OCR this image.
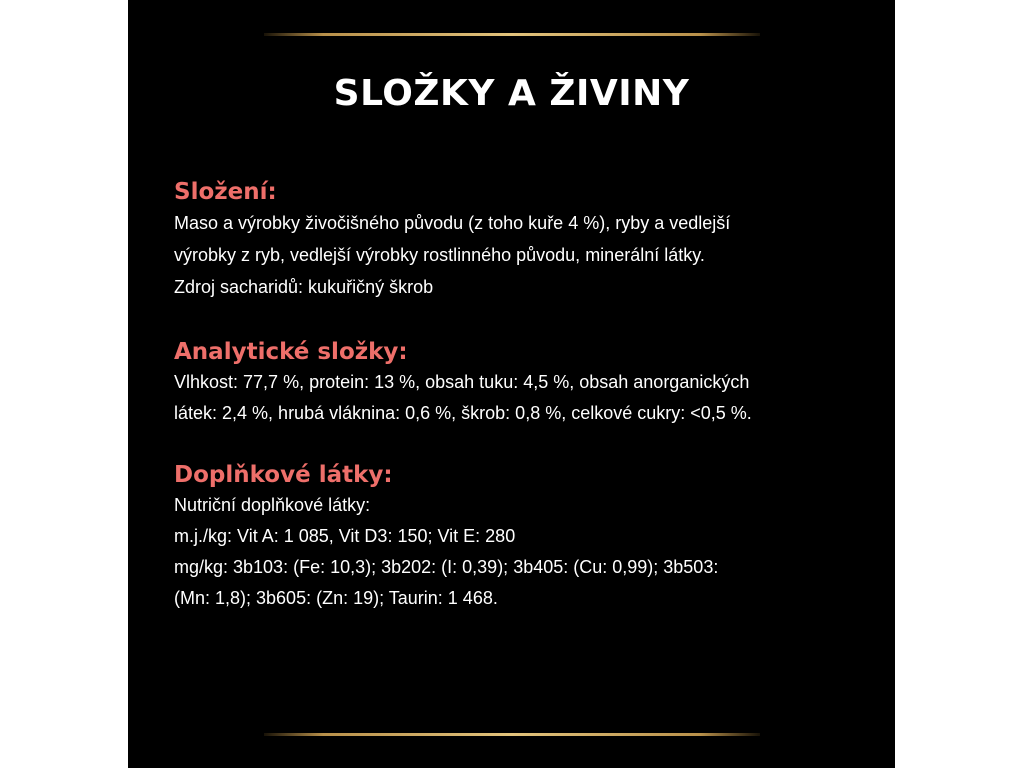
SLOŽKY A ŽIVINY

Složení:

Maso a výrobky živočišného původu (z toho kuře 4 %), ryby a vedlejší

výrobky z ryb, vedlejší výrobky rostlinného původu, minerální látky.

Zdroj sacharidů: kukuřičný škrob

Analytické složky:

Vlhkost: 77,7 %, protein: 13 %, obsah tuku: 4,5 %, obsah anorganických

látek: 2,4 %, hrubá vláknina: 0,6 %, škrob: 0,8 %, celkové cukry: <0,5 %.

Doplňkové látky:

Nutriční doplňkové látky:

m.j./kg: Vit A: 1 085, Vit D3: 150; Vit E: 280

mg/kg: 3b103: (Fe: 10,3); 3b202: (I: 0,39); 3b405: (Cu: 0,99); 3b503:

(Mn: 1,8); 3b605: (Zn: 19); Taurin: 1 468.
